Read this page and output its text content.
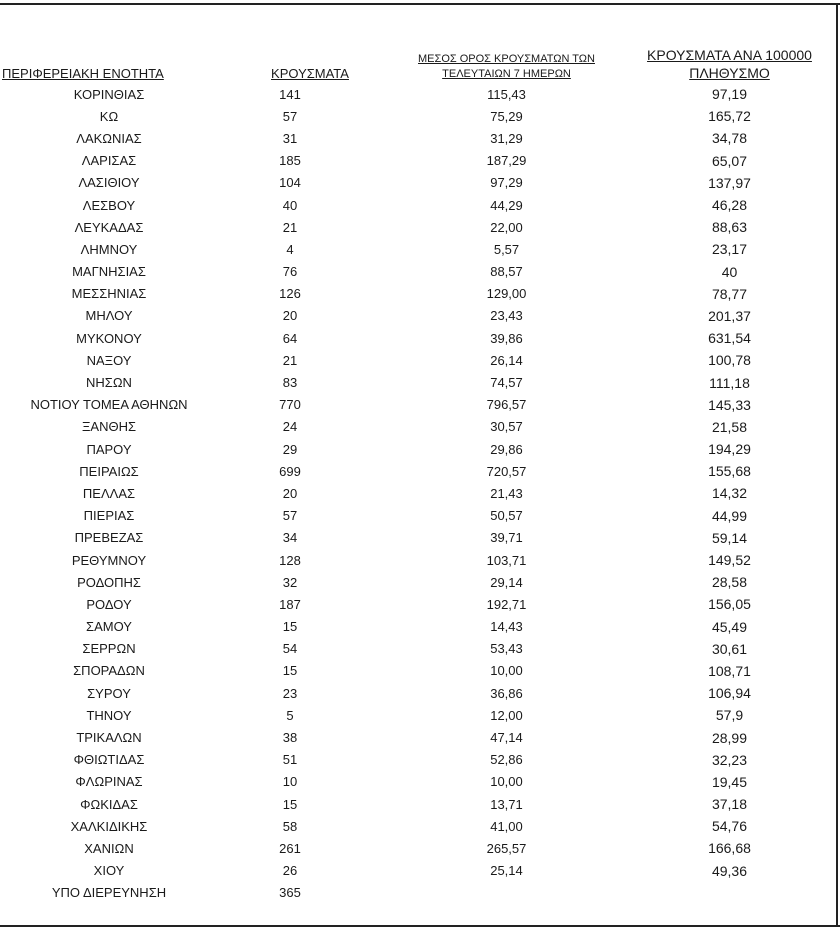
ΠΕΡΙΦΕΡΕΙΑΚΗ ΕΝΟΤΗΤΑ	ΚΡΟΥΣΜΑΤΑ	ΜΕΣΟΣ ΟΡΟΣ ΚΡΟΥΣΜΑΤΩΝ ΤΩΝ ΤΕΛΕΥΤΑΙΩΝ 7 ΗΜΕΡΩΝ	ΚΡΟΥΣΜΑΤΑ ΑΝΑ 100000 ΠΛΗΘΥΣΜΟ
ΚΟΡΙΝΘΙΑΣ	141	115,43	97,19
ΚΩ	57	75,29	165,72
ΛΑΚΩΝΙΑΣ	31	31,29	34,78
ΛΑΡΙΣΑΣ	185	187,29	65,07
ΛΑΣΙΘΙΟΥ	104	97,29	137,97
ΛΕΣΒΟΥ	40	44,29	46,28
ΛΕΥΚΑΔΑΣ	21	22,00	88,63
ΛΗΜΝΟΥ	4	5,57	23,17
ΜΑΓΝΗΣΙΑΣ	76	88,57	40
ΜΕΣΣΗΝΙΑΣ	126	129,00	78,77
ΜΗΛΟΥ	20	23,43	201,37
ΜΥΚΟΝΟΥ	64	39,86	631,54
ΝΑΞΟΥ	21	26,14	100,78
ΝΗΣΩΝ	83	74,57	111,18
ΝΟΤΙΟΥ ΤΟΜΕΑ ΑΘΗΝΩΝ	770	796,57	145,33
ΞΑΝΘΗΣ	24	30,57	21,58
ΠΑΡΟΥ	29	29,86	194,29
ΠΕΙΡΑΙΩΣ	699	720,57	155,68
ΠΕΛΛΑΣ	20	21,43	14,32
ΠΙΕΡΙΑΣ	57	50,57	44,99
ΠΡΕΒΕΖΑΣ	34	39,71	59,14
ΡΕΘΥΜΝΟΥ	128	103,71	149,52
ΡΟΔΟΠΗΣ	32	29,14	28,58
ΡΟΔΟΥ	187	192,71	156,05
ΣΑΜΟΥ	15	14,43	45,49
ΣΕΡΡΩΝ	54	53,43	30,61
ΣΠΟΡΑΔΩΝ	15	10,00	108,71
ΣΥΡΟΥ	23	36,86	106,94
ΤΗΝΟΥ	5	12,00	57,9
ΤΡΙΚΑΛΩΝ	38	47,14	28,99
ΦΘΙΩΤΙΔΑΣ	51	52,86	32,23
ΦΛΩΡΙΝΑΣ	10	10,00	19,45
ΦΩΚΙΔΑΣ	15	13,71	37,18
ΧΑΛΚΙΔΙΚΗΣ	58	41,00	54,76
ΧΑΝΙΩΝ	261	265,57	166,68
ΧΙΟΥ	26	25,14	49,36
ΥΠΟ ΔΙΕΡΕΥΝΗΣΗ	365		
